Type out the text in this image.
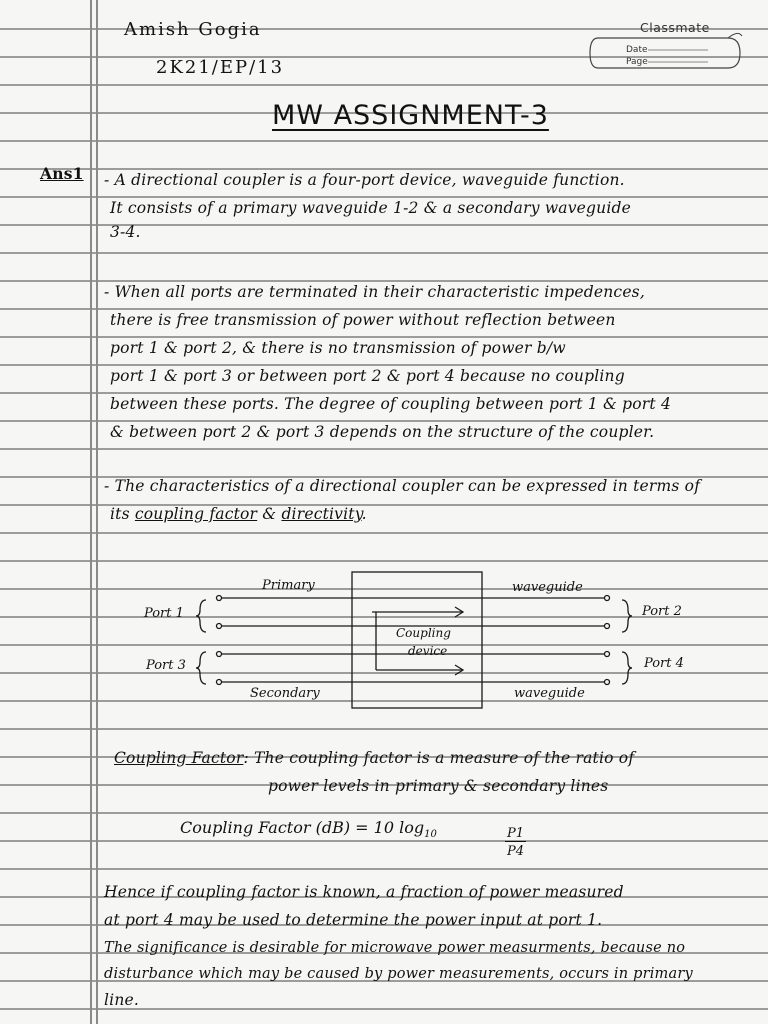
Amish Gogia
2K21/EP/13
Classmate
Date
Page
MW ASSIGNMENT-3
Ans1 - A directional coupler is a four-port device, waveguide function.
It consists of a primary waveguide 1-2 & a secondary waveguide
3-4.
- When all ports are terminated in their characteristic impedences,
there is free transmission of power without reflection between
port 1 & port 2, & there is no transmission of power b/w
port 1 & port 3 or between port 2 & port 4 because no coupling
between these ports. The degree of coupling between port 1 & port 4
& between port 2 & port 3 depends on the structure of the coupler.
- The characteristics of a directional coupler can be expressed in terms of
its coupling factor & directivity.
Primary	waveguide
Port 1	Port 2
Port 3	Port 4
Secondary	waveguide
Coupling
device
Coupling Factor: The coupling factor is a measure of the ratio of
power levels in primary & secondary lines
Coupling Factor (dB) = 10 $\log_{10}$	$\frac{P1}{P4}$
Hence if coupling factor is known, a fraction of power measured
at port 4 may be used to determine the power input at port 1.
The significance is desirable for microwave power measurments, because no
disturbance which may be caused by power measurements, occurs in primary
line.
